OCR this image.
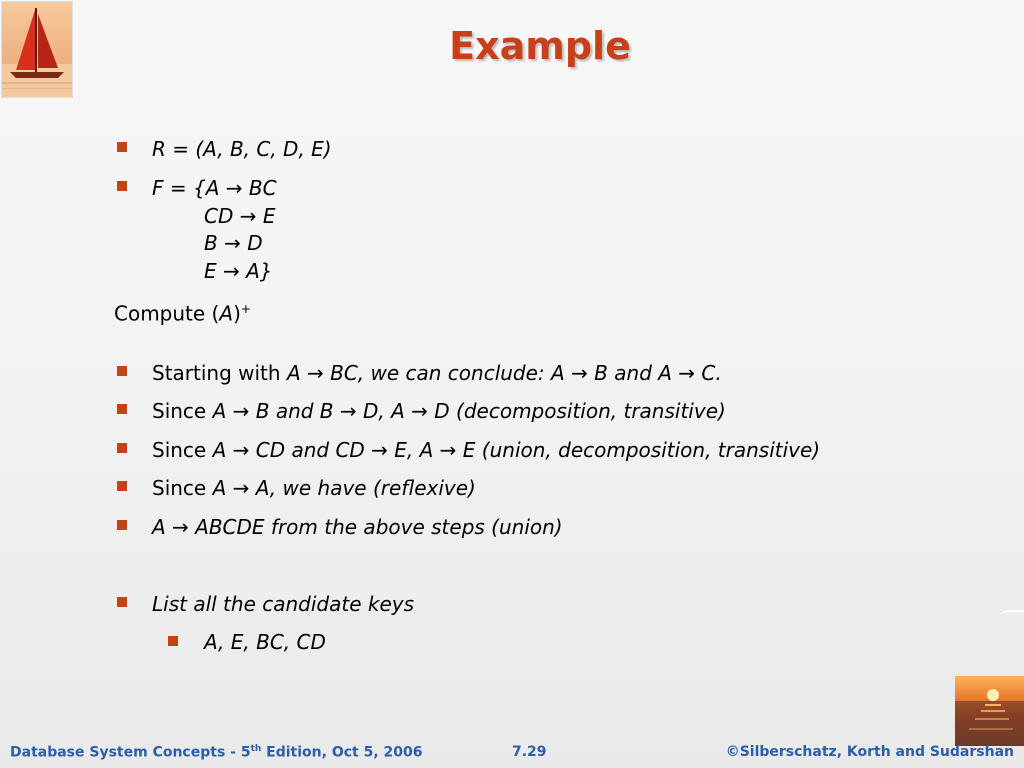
Example
R = (A, B, C, D, E)
F = {A → BC
CD → E
B → D
E → A}
Compute (A)+
Starting with A → BC, we can conclude: A → B and A → C.
Since A → B and B → D, A → D (decomposition, transitive)
Since A → CD and CD → E, A → E (union, decomposition, transitive)
Since A → A, we have (reflexive)
A → ABCDE from the above steps (union)
List all the candidate keys
A, E, BC, CD
Database System Concepts - 5th Edition, Oct 5, 2006	7.29	©Silberschatz, Korth and Sudarshan
